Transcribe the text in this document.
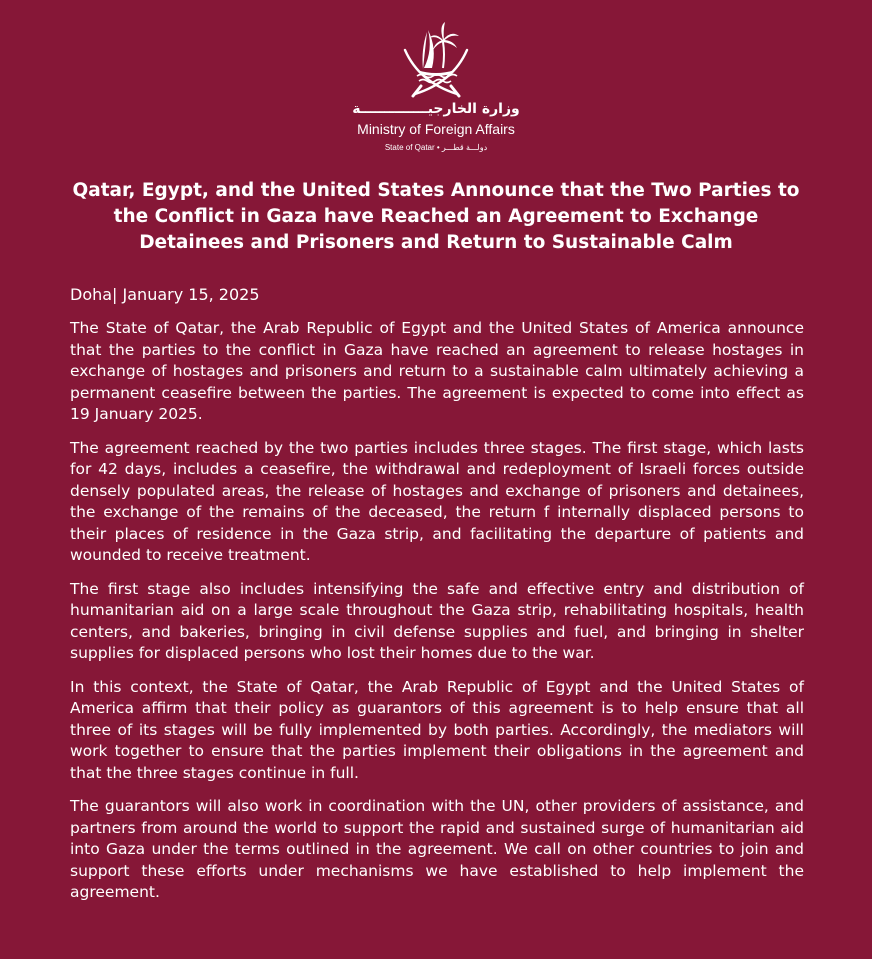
وزارة الخارجيــــــــــــــة
Ministry of Foreign Affairs
State of Qatar • دولـــة قطـــر
Qatar, Egypt, and the United States Announce that the Two Parties to the Conflict in Gaza have Reached an Agreement to Exchange Detainees and Prisoners and Return to Sustainable Calm

Doha| January 15, 2025

The State of Qatar, the Arab Republic of Egypt and the United States of America announce that the parties to the conflict in Gaza have reached an agreement to release hostages in exchange of hostages and prisoners and return to a sustainable calm ultimately achieving a permanent ceasefire between the parties. The agreement is expected to come into effect as 19 January 2025.

The agreement reached by the two parties includes three stages. The first stage, which lasts for 42 days, includes a ceasefire, the withdrawal and redeployment of Israeli forces outside densely populated areas, the release of hostages and exchange of prisoners and detainees, the exchange of the remains of the deceased, the return f internally displaced persons to their places of residence in the Gaza strip, and facilitating the departure of patients and wounded to receive treatment.

The first stage also includes intensifying the safe and effective entry and distribution of humanitarian aid on a large scale throughout the Gaza strip, rehabilitating hospitals, health centers, and bakeries, bringing in civil defense supplies and fuel, and bringing in shelter supplies for displaced persons who lost their homes due to the war.

In this context, the State of Qatar, the Arab Republic of Egypt and the United States of America affirm that their policy as guarantors of this agreement is to help ensure that all three of its stages will be fully implemented by both parties. Accordingly, the mediators will work together to ensure that the parties implement their obligations in the agreement and that the three stages continue in full.

The guarantors will also work in coordination with the UN, other providers of assistance, and partners from around the world to support the rapid and sustained surge of humanitarian aid into Gaza under the terms outlined in the agreement. We call on other countries to join and support these efforts under mechanisms we have established to help implement the agreement.
